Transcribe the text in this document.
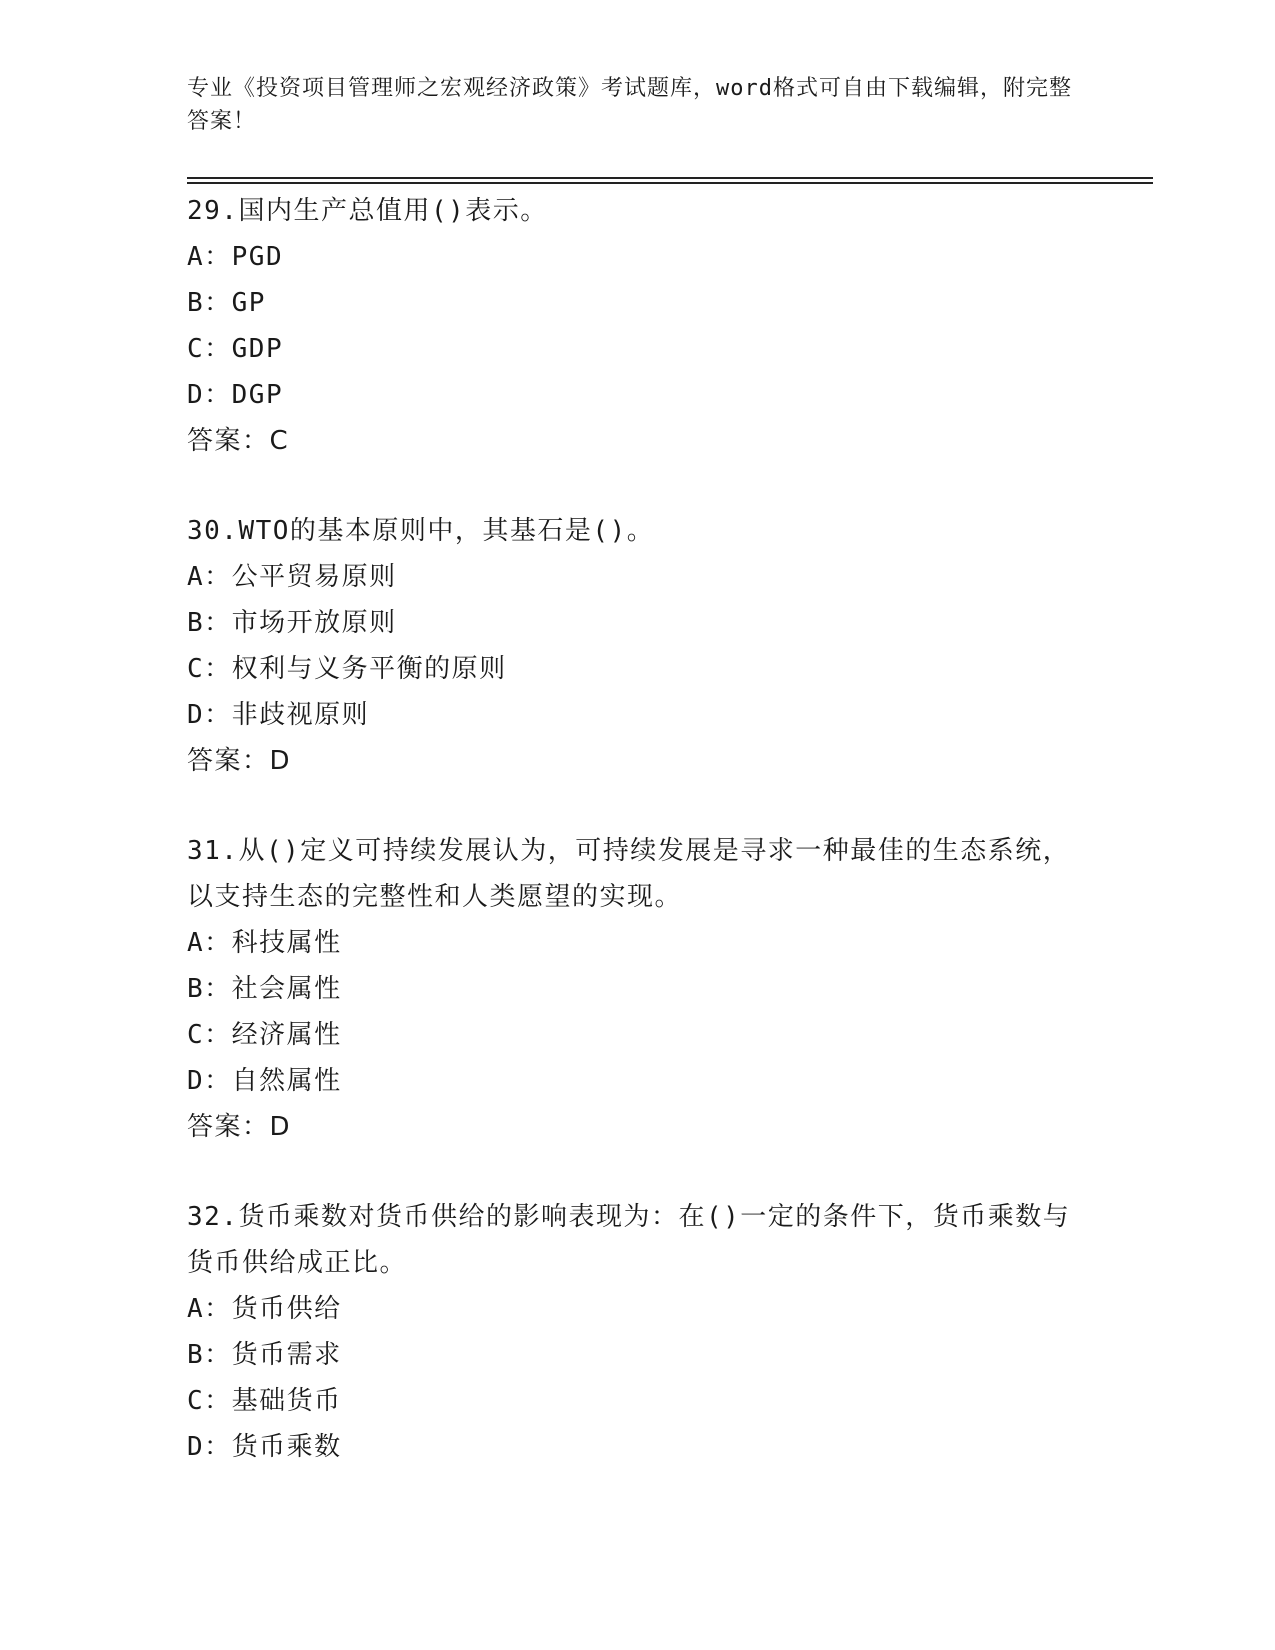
专业《投资项目管理师之宏观经济政策》考试题库，word格式可自由下载编辑，附完整答案！
29.国内生产总值用()表示。
A：PGD
B：GP
C：GDP
D：DGP
答案：C
30.WTO的基本原则中，其基石是()。
A：公平贸易原则
B：市场开放原则
C：权利与义务平衡的原则
D：非歧视原则
答案：D
31.从()定义可持续发展认为，可持续发展是寻求一种最佳的生态系统，以支持生态的完整性和人类愿望的实现。
A：科技属性
B：社会属性
C：经济属性
D：自然属性
答案：D
32.货币乘数对货币供给的影响表现为：在()一定的条件下，货币乘数与货币供给成正比。
A：货币供给
B：货币需求
C：基础货币
D：货币乘数
